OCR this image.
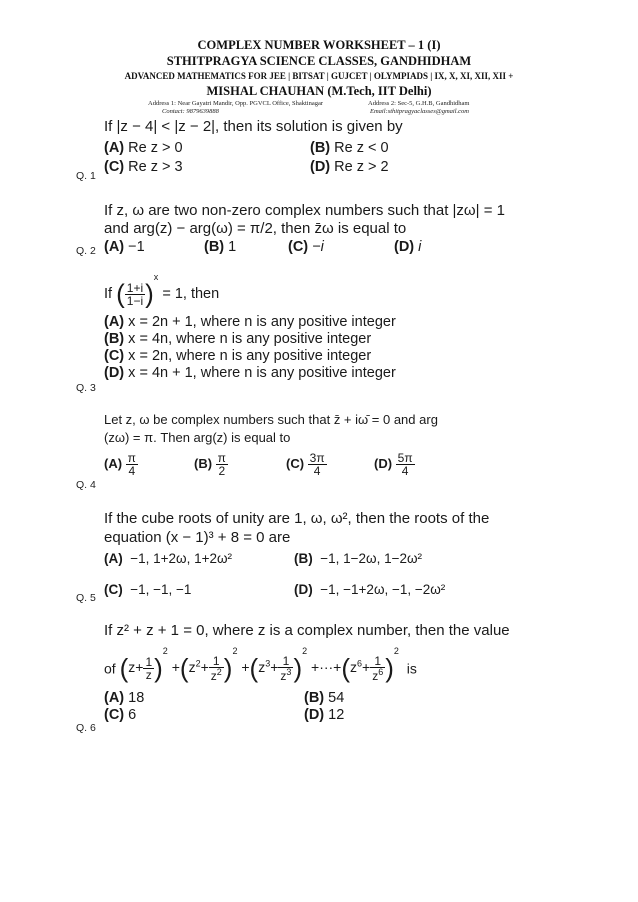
COMPLEX NUMBER WORKSHEET – 1 (I)
STHITPRAGYA SCIENCE CLASSES, GANDHIDHAM
ADVANCED MATHEMATICS FOR JEE | BITSAT | GUJCET | OLYMPIADS | IX, X, XI, XII, XII +
MISHAL CHAUHAN (M.Tech, IIT Delhi)
Address 1: Near Gayatri Mandir, Opp. PGVCL Office, Shaktinagar	Address 2: Sec-5, G.H.B, Gandhidham
Contact: 9879639888	Email:sthitpragyaclasses@gmail.com
If |z − 4| < |z − 2|, then its solution is given by
(A) Re z > 0	(B) Re z < 0
(C) Re z > 3	(D) Re z > 2
Q. 1
If z, ω are two non-zero complex numbers such that |zω| = 1
and arg(z) − arg(ω) = π/2, then z̄ω is equal to
(A) −1	(B) 1	(C) −i	(D) i
Q. 2
If ( $\frac{1+i}{1-i} )^x = 1$, then
(A) x = 2n + 1, where n is any positive integer
(B) x = 4n, where n is any positive integer
(C) x = 2n, where n is any positive integer
(D) x = 4n + 1, where n is any positive integer
Q. 3
Let z, ω be complex numbers such that z̄ + iω̄ = 0 and arg
(zω) = π. Then arg(z) is equal to
$(A) \frac{\pi}{4}$	$(B) \frac{\pi}{2}$	$(C) \frac{3\pi}{4}$	$(D) \frac{5\pi}{4}$
Q. 4
If the cube roots of unity are 1, ω, ω², then the roots of the
equation (x − 1)³ + 8 = 0 are
(A) −1, 1+2ω, 1+2ω²	(B) −1, 1−2ω, 1−2ω²
(C) −1, −1, −1	(D) −1, −1+2ω, −1, −2ω²
Q. 5
If z² + z + 1 = 0, where z is a complex number, then the value
of $(z+ \frac{1}{z} )^2 +(z^2+ \frac{1}{z^2} )^2 +(z^3+ \frac{1}{z^3} )^2 +\cdot\cdot\cdot+(z^6+ \frac{1}{z^6} )^2$  is
(A) 18	(B) 54
(C) 6	(D) 12
Q. 6
